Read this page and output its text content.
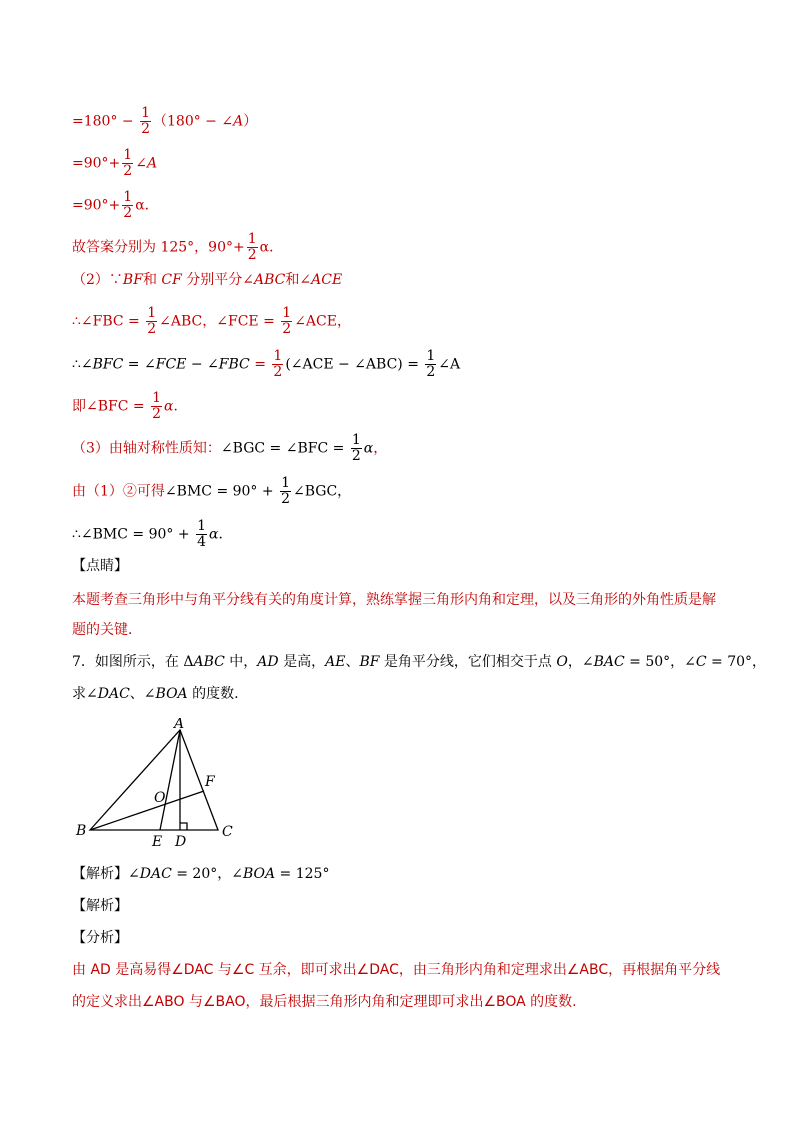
$=180^\circ - \frac{1}{2} (180^\circ$ − ∠A）
$=90^\circ+ \frac{1}{2}$ ∠A
$=90^\circ+ \frac{1}{2}$ α．
故答案分别为 125°，$90^\circ+ \frac{1}{2}$ α．
（2）∵BF和 CF 分别平分∠ABC和∠ACE
∴∠FBC = $\frac{1}{2}$ ∠ABC，∠FCE = $\frac{1}{2}$ ∠ACE，
∴∠BFC = ∠FCE − ∠FBC = $\frac{1}{2}$ (∠ACE − ∠ABC) = $\frac{1}{2}$ ∠A
即∠BFC = $\frac{1}{2}$ α．
（3）由轴对称性质知：∠BGC = ∠BFC = $\frac{1}{2}$ α，
由（1）②可得∠BMC = $90^\circ + \frac{1}{2}$ ∠BGC，
∴∠BMC = $90^\circ + \frac{1}{4}$ α．
【点睛】
本题考查三角形中与角平分线有关的角度计算，熟练掌握三角形内角和定理，以及三角形的外角性质是解
题的关键．
7．如图所示，在 ΔABC 中，AD 是高，AE、BF 是角平分线，它们相交于点 O，∠BAC = 50°，∠C = 70°，
求∠DAC、∠BOA 的度数.
A
B	C
D
E
F
O
【解析】∠DAC = 20°，∠BOA = 125°
【解析】
【分析】
由 AD 是高易得∠DAC 与∠C 互余，即可求出∠DAC，由三角形内角和定理求出∠ABC，再根据角平分线
的定义求出∠ABO 与∠BAO，最后根据三角形内角和定理即可求出∠BOA 的度数.
